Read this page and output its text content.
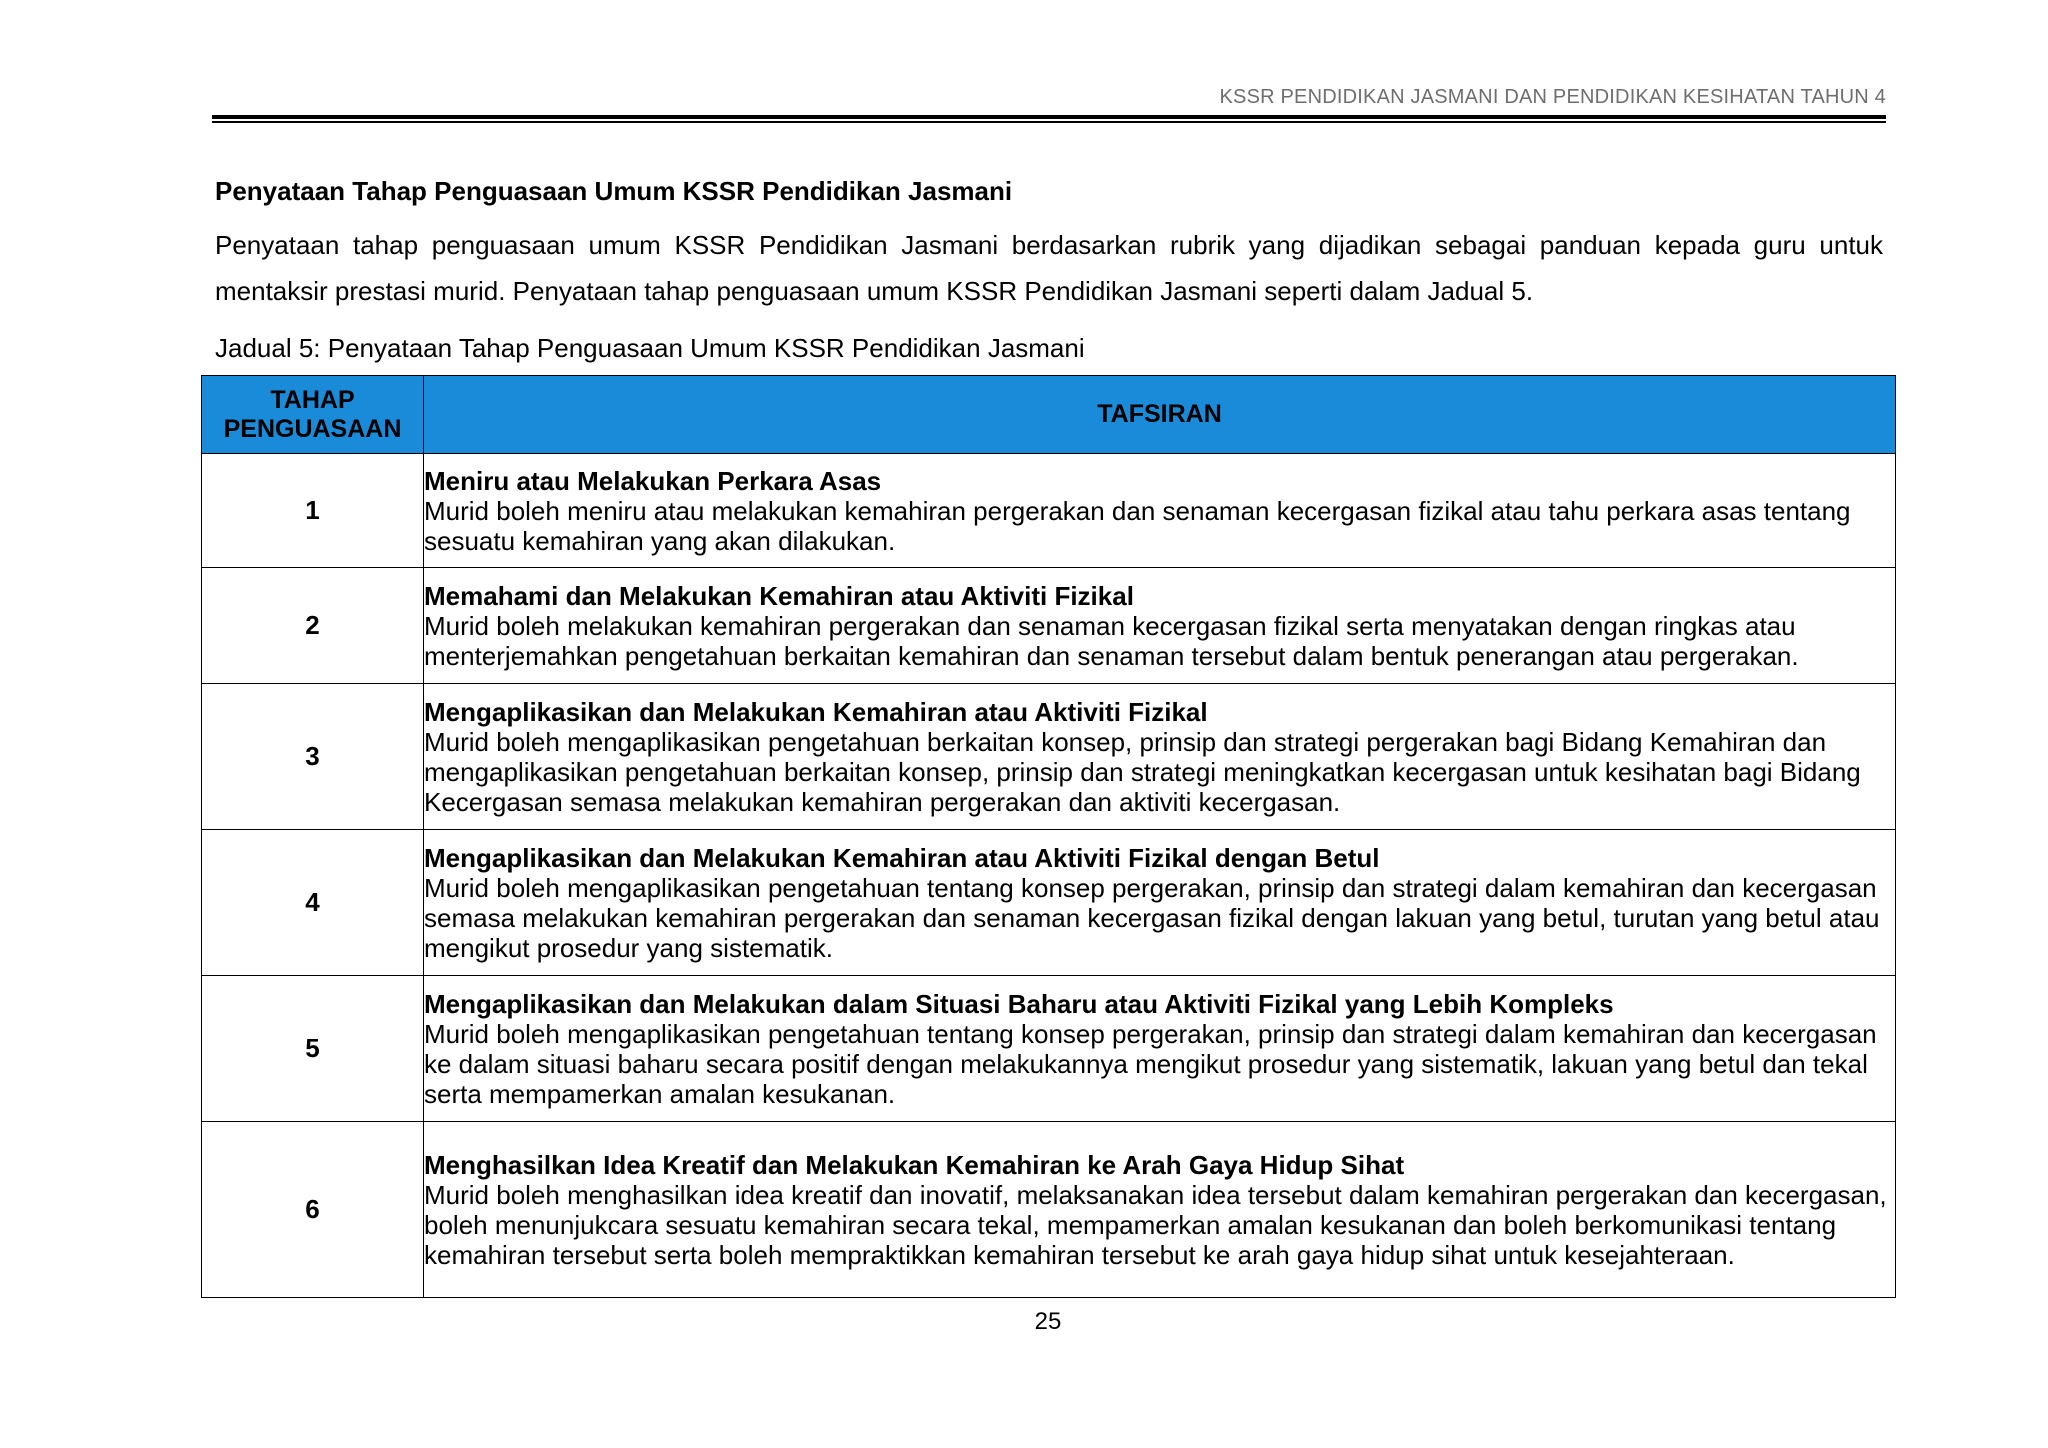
KSSR PENDIDIKAN JASMANI DAN PENDIDIKAN KESIHATAN TAHUN 4
Penyataan Tahap Penguasaan Umum KSSR Pendidikan Jasmani
Penyataan tahap penguasaan umum KSSR Pendidikan Jasmani berdasarkan rubrik yang dijadikan sebagai panduan kepada guru untuk mentaksir prestasi murid. Penyataan tahap penguasaan umum KSSR Pendidikan Jasmani seperti dalam Jadual 5.
Jadual 5: Penyataan Tahap Penguasaan Umum KSSR Pendidikan Jasmani
TAHAP
PENGUASAAN	TAFSIRAN
1	Meniru atau Melakukan Perkara Asas
Murid boleh meniru atau melakukan kemahiran pergerakan dan senaman kecergasan fizikal atau tahu perkara asas tentang sesuatu kemahiran yang akan dilakukan.

2	Memahami dan Melakukan Kemahiran atau Aktiviti Fizikal
Murid boleh melakukan kemahiran pergerakan dan senaman kecergasan fizikal serta menyatakan dengan ringkas atau menterjemahkan pengetahuan berkaitan kemahiran dan senaman tersebut dalam bentuk penerangan atau pergerakan.

3	Mengaplikasikan dan Melakukan Kemahiran atau Aktiviti Fizikal
Murid boleh mengaplikasikan pengetahuan berkaitan konsep, prinsip dan strategi pergerakan bagi Bidang Kemahiran dan mengaplikasikan pengetahuan berkaitan konsep, prinsip dan strategi meningkatkan kecergasan untuk kesihatan bagi Bidang Kecergasan semasa melakukan kemahiran pergerakan dan aktiviti kecergasan.

4	Mengaplikasikan dan Melakukan Kemahiran atau Aktiviti Fizikal dengan Betul
Murid boleh mengaplikasikan pengetahuan tentang konsep pergerakan, prinsip dan strategi dalam kemahiran dan kecergasan semasa melakukan kemahiran pergerakan dan senaman kecergasan fizikal dengan lakuan yang betul, turutan yang betul atau mengikut prosedur yang sistematik.

5	Mengaplikasikan dan Melakukan dalam Situasi Baharu atau Aktiviti Fizikal yang Lebih Kompleks
Murid boleh mengaplikasikan pengetahuan tentang konsep pergerakan, prinsip dan strategi dalam kemahiran dan kecergasan ke dalam situasi baharu secara positif dengan melakukannya mengikut prosedur yang sistematik, lakuan yang betul dan tekal serta mempamerkan amalan kesukanan.

6	Menghasilkan Idea Kreatif dan Melakukan Kemahiran ke Arah Gaya Hidup Sihat
Murid boleh menghasilkan idea kreatif dan inovatif, melaksanakan idea tersebut dalam kemahiran pergerakan dan kecergasan, boleh menunjukcara sesuatu kemahiran secara tekal, mempamerkan amalan kesukanan dan boleh berkomunikasi tentang kemahiran tersebut serta boleh mempraktikkan kemahiran tersebut ke arah gaya hidup sihat untuk kesejahteraan.
25
